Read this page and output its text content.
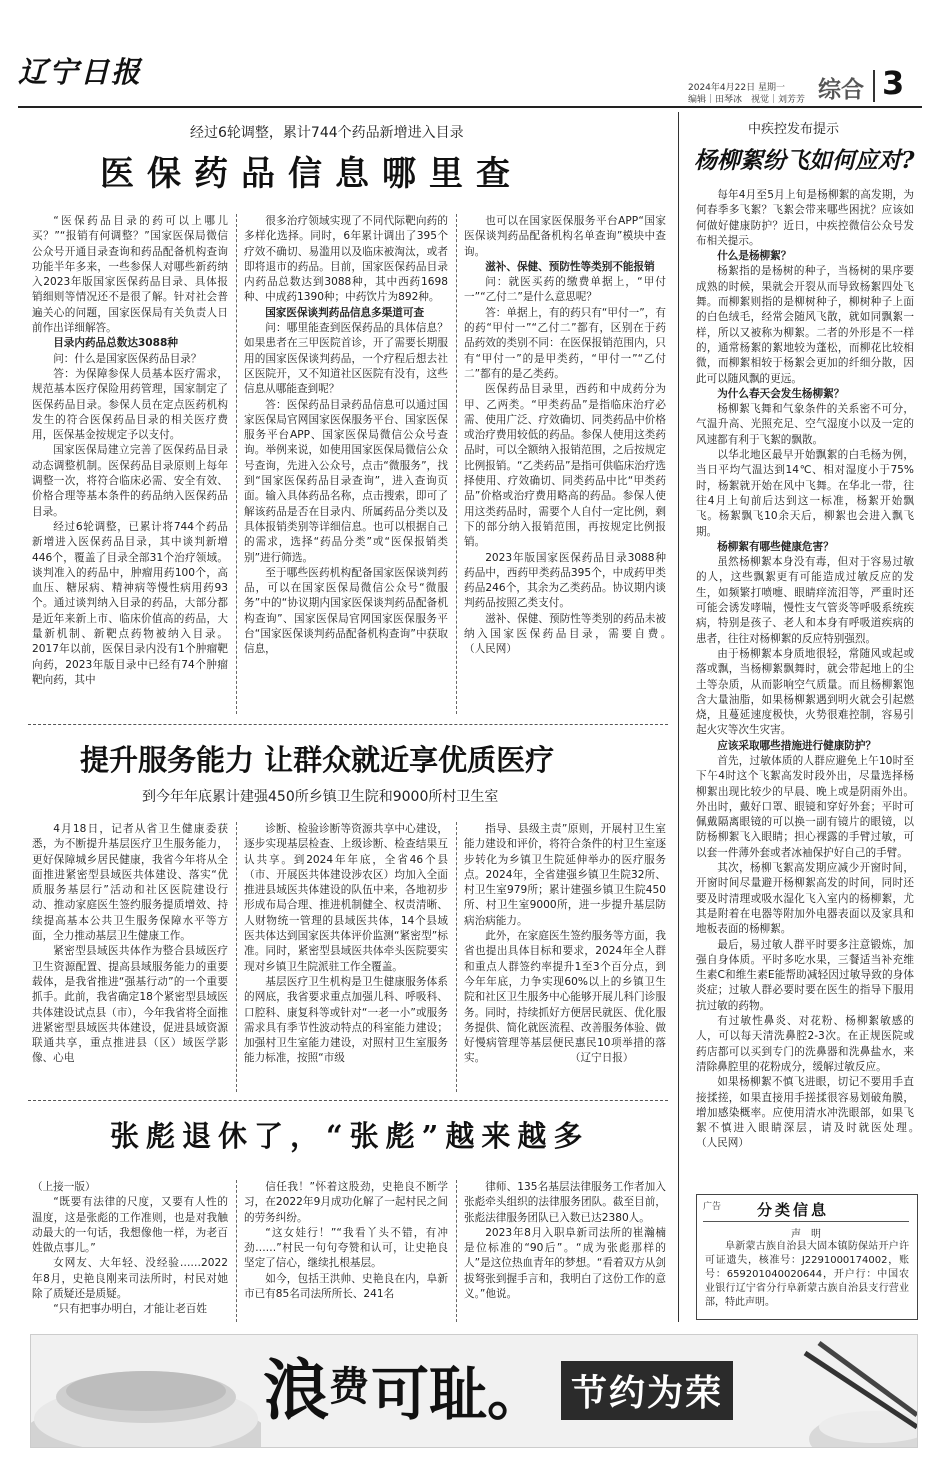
辽宁日报	2024年4月22日 星期一
编辑｜田琴冰　视觉｜刘芳芳 综合 3
经过6轮调整，累计744个药品新增进入目录
医保药品信息哪里查

“医保药品目录的药可以上哪儿买？”“报销有何调整？”国家医保局微信公众号开通目录查询和药品配备机构查询功能半年多来，一些参保人对哪些新药纳入2023年版国家医保药品目录、具体报销细则等情况还不是很了解。针对社会普遍关心的问题，国家医保局有关负责人日前作出详细解答。

目录内药品总数达3088种

问：什么是国家医保药品目录？

答：为保障参保人员基本医疗需求，规范基本医疗保险用药管理，国家制定了医保药品目录。参保人员在定点医药机构发生的符合医保药品目录的相关医疗费用，医保基金按规定予以支付。

国家医保局建立完善了医保药品目录动态调整机制。医保药品目录原则上每年调整一次，将符合临床必需、安全有效、价格合理等基本条件的药品纳入医保药品目录。

经过6轮调整，已累计将744个药品新增进入医保药品目录，其中谈判新增446个，覆盖了目录全部31个治疗领域。谈判准入的药品中，肿瘤用药100个，高血压、糖尿病、精神病等慢性病用药93个。通过谈判纳入目录的药品，大部分都是近年来新上市、临床价值高的药品，大量新机制、新靶点药物被纳入目录。2017年以前，医保目录内没有1个肿瘤靶向药，2023年版目录中已经有74个肿瘤靶向药，其中

很多治疗领域实现了不同代际靶向药的多样化选择。同时，6年累计调出了395个疗效不确切、易滥用以及临床被淘汰，或者即将退市的药品。目前，国家医保药品目录内药品总数达到3088种，其中西药1698种、中成药1390种；中药饮片为892种。

国家医保谈判药品信息多渠道可查

问：哪里能查到医保药品的具体信息？如果患者在三甲医院首诊，开了需要长期服用的国家医保谈判药品，一个疗程后想去社区医院开，又不知道社区医院有没有，这些信息从哪能查到呢？

答：医保药品目录药品信息可以通过国家医保局官网国家医保服务平台、国家医保服务平台APP、国家医保局微信公众号查询。举例来说，如使用国家医保局微信公众号查询，先进入公众号，点击“微服务”，找到“国家医保药品目录查询”，进入查询页面。输入具体药品名称，点击搜索，即可了解该药品是否在目录内、所属药品分类以及具体报销类别等详细信息。也可以根据自己的需求，选择“药品分类”或“医保报销类别”进行筛选。

至于哪些医药机构配备国家医保谈判药品，可以在国家医保局微信公众号“微服务”中的“协议期内国家医保谈判药品配备机构查询”、国家医保局官网国家医保服务平台“国家医保谈判药品配备机构查询”中获取信息，

也可以在国家医保服务平台APP“国家医保谈判药品配备机构名单查询”模块中查询。

滋补、保健、预防性等类别不能报销

问：就医买药的缴费单据上，“甲付一”“乙付二”是什么意思呢？

答：单据上，有的药只有“甲付一”，有的药“甲付一”“乙付二”都有，区别在于药品药效的类别不同：在医保报销范围内，只有“甲付一”的是甲类药，“甲付一”“乙付二”都有的是乙类药。

医保药品目录里，西药和中成药分为甲、乙两类。“甲类药品”是指临床治疗必需、使用广泛、疗效确切、同类药品中价格或治疗费用较低的药品。参保人使用这类药品时，可以全额纳入报销范围，之后按规定比例报销。“乙类药品”是指可供临床治疗选择使用、疗效确切、同类药品中比“甲类药品”价格或治疗费用略高的药品。参保人使用这类药品时，需要个人自付一定比例，剩下的部分纳入报销范围，再按规定比例报销。

2023年版国家医保药品目录3088种药品中，西药甲类药品395个，中成药甲类药品246个，其余为乙类药品。协议期内谈判药品按照乙类支付。

滋补、保健、预防性等类别的药品未被纳入国家医保药品目录，需要自费。　　　　　　　　　（人民网）

提升服务能力 让群众就近享优质医疗
到今年年底累计建强450所乡镇卫生院和9000所村卫生室

4月18日，记者从省卫生健康委获悉，为不断提升基层医疗卫生服务能力，更好保障城乡居民健康，我省今年将从全面推进紧密型县域医共体建设、落实“优质服务基层行”活动和社区医院建设行动、推动家庭医生签约服务提质增效、持续提高基本公共卫生服务保障水平等方面，全力推动基层卫生健康工作。

紧密型县域医共体作为整合县域医疗卫生资源配置、提高县域服务能力的重要载体，是我省推进“强基行动”的一个重要抓手。此前，我省确定18个紧密型县域医共体建设试点县（市），今年我省将全面推进紧密型县域医共体建设，促进县域资源联通共享，重点推进县（区）域医学影像、心电

诊断、检验诊断等资源共享中心建设，逐步实现基层检查、上级诊断、检查结果互认共享。到2024年年底，全省46个县（市、开展医共体建设涉农区）均加入全面推进县域医共体建设的队伍中来，各地初步形成布局合理、推进机制健全、权责清晰、人财物统一管理的县域医共体，14个县域医共体达到国家医共体评价监测“紧密型”标准。同时，紧密型县域医共体牵头医院要实现对乡镇卫生院派驻工作全覆盖。

基层医疗卫生机构是卫生健康服务体系的网底，我省要求重点加强儿科、呼吸科、口腔科、康复科等或针对“一老一小”或服务需求具有季节性波动特点的科室能力建设；加强村卫生室能力建设，对照村卫生室服务能力标准，按照“市级

指导、县级主责”原则，开展村卫生室能力建设和评价，将符合条件的村卫生室逐步转化为乡镇卫生院延伸举办的医疗服务点。2024年，全省建强乡镇卫生院32所、村卫生室979所；累计建强乡镇卫生院450所、村卫生室9000所，进一步提升基层防病治病能力。

此外，在家庭医生签约服务等方面，我省也提出具体目标和要求，2024年全人群和重点人群签约率提升1至3个百分点，到今年年底，力争实现60%以上的乡镇卫生院和社区卫生服务中心能够开展儿科门诊服务。同时，持续抓好方便居民就医、优化服务提供、简化就医流程、改善服务体验、做好慢病管理等基层便民惠民10项举措的落实。　　　　　　　　　（辽宁日报）

张彪退休了，“张彪”越来越多

（上接一版）

“既要有法律的尺度，又要有人性的温度，这是张彪的工作准则，也是对我触动最大的一句话，我想像他一样，为老百姓做点事儿。”

女网友、大年轻、没经验……2022年8月，史艳良刚来司法所时，村民对她除了质疑还是质疑。

“只有把事办明白，才能让老百姓

信任我！”怀着这股劲，史艳良不断学习，在2022年9月成功化解了一起村民之间的劳务纠纷。

“这女娃行！”“我看丫头不错，有冲劲……”村民一句句夸赞和认可，让史艳良坚定了信心，继续扎根基层。

如今，包括王洪帅、史艳良在内，阜新市已有85名司法所所长、241名

律师、135名基层法律服务工作者加入张彪牵头组织的法律服务团队。截至目前，张彪法律服务团队已入数已达2380人。

2023年8月入职阜新司法所的崔瀚楠是位标准的“90后”。“成为张彪那样的人”是这位热血青年的梦想。“看着双方从剑拔弩张到握手言和，我明白了这份工作的意义。”他说。

中疾控发布提示
杨柳絮纷飞如何应对?

每年4月至5月上旬是杨柳絮的高发期，为何春季多飞絮？飞絮会带来哪些困扰？应该如何做好健康防护？近日，中疾控微信公众号发布相关提示。

什么是杨柳絮？

杨絮指的是杨树的种子，当杨树的果序要成熟的时候，果就会开裂从而导致杨絮四处飞舞。而柳絮则指的是柳树种子，柳树种子上面的白色绒毛，经常会随风飞散，就如同飘絮一样，所以又被称为柳絮。二者的外形是不一样的，通常杨絮的絮地较为蓬松，而柳花比较相微，而柳絮相较于杨絮会更加的纤细分散，因此可以随风飘的更远。

为什么春天会发生杨柳絮？

杨柳絮飞舞和气象条件的关系密不可分，气温升高、光照充足、空气湿度小以及一定的风速都有利于飞絮的飘散。

以华北地区最早开始飘絮的白毛杨为例，当日平均气温达到14℃、相对湿度小于75%时，杨絮就开始在风中飞舞。在华北一带，往往4月上旬前后达到这一标准，杨絮开始飘飞。杨絮飘飞10余天后，柳絮也会进入飘飞期。

杨柳絮有哪些健康危害？

虽然杨柳絮本身没有毒，但对于容易过敏的人，这些飘絮更有可能造成过敏反应的发生，如频繁打喷嚏、眼睛痒流泪等，严重时还可能会诱发哮喘，慢性支气管炎等呼吸系统疾病，特别是孩子、老人和本身有呼吸道疾病的患者，往往对杨柳絮的反应特别强烈。

由于杨柳絮本身质地很轻，常随风或起或落或飘，当杨柳絮飘舞时，就会带起地上的尘土等杂质，从而影响空气质量。而且杨柳絮饱含大量油脂，如果杨柳絮遇到明火就会引起燃烧，且蔓延速度极快，火势很难控制，容易引起火灾等次生灾害。

应该采取哪些措施进行健康防护？

首先，过敏体质的人群应避免上午10时至下午4时这个飞絮高发时段外出，尽量选择杨柳絮出现比较少的早晨、晚上或是阴雨外出。外出时，戴好口罩、眼镜和穿好外套；平时可佩戴隔离眼镜的可以换一副有镜片的眼镜，以防杨柳絮飞入眼睛；担心裸露的手臂过敏，可以套一件薄外套或者冰袖保护好自己的手臂。

其次，杨柳飞絮高发期应减少开窗时间，开窗时间尽量避开杨柳絮高发的时间，同时还要及时清理或吸水湿化飞入室内的杨柳絮，尤其是附着在电器等附加外电器表面以及家具和地板表面的杨柳絮。

最后，易过敏人群平时要多注意锻炼，加强自身体质。平时多吃水果，三餐适当补充维生素C和维生素E能帮助减轻因过敏导致的身体炎症；过敏人群必要时要在医生的指导下服用抗过敏的药物。

有过敏性鼻炎、对花粉、杨柳絮敏感的人，可以每天清洗鼻腔2-3次。在正规医院或药店都可以买到专门的洗鼻器和洗鼻盐水，来清除鼻腔里的花粉成分，缓解过敏反应。

如果杨柳絮不慎飞进眼，切记不要用手直接揉搓，如果直接用手搓揉很容易划破角膜，增加感染概率。应使用清水冲洗眼部，如果飞絮不慎进入眼睛深层，请及时就医处理。　　　　　　　（人民网）

广告 分类信息
声　明
阜新蒙古族自治县大固本镇防保站开户许可证遗失，核准号：J2291000174002，账号：659201040020644，开户行：中国农业银行辽宁省分行阜新蒙古族自治县支行营业部，特此声明。
浪 费 可耻。 节约为荣
